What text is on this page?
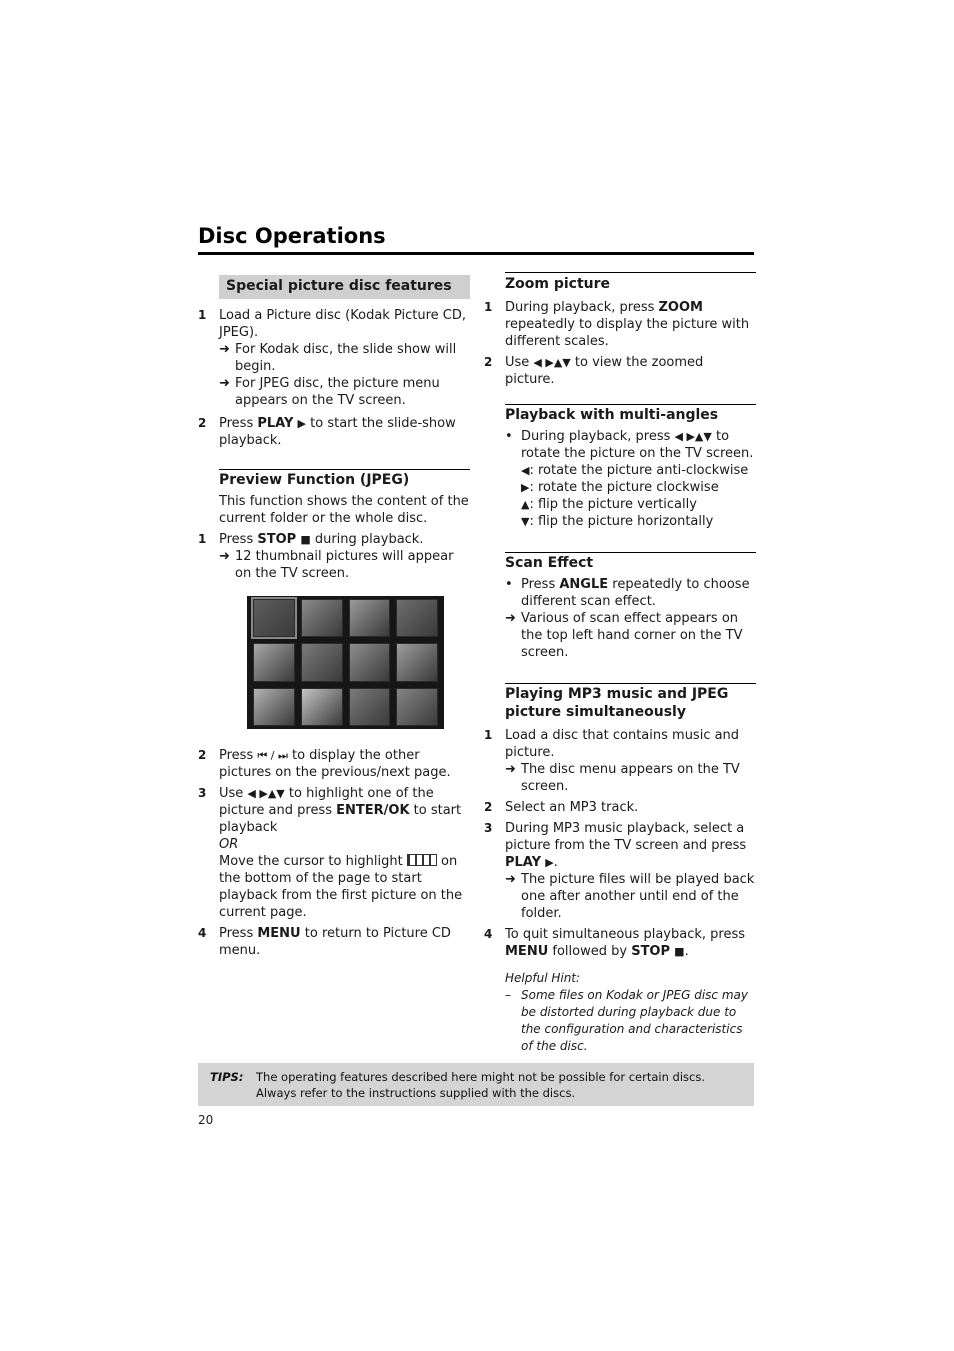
Disc Operations
Special picture disc features
1 Load a Picture disc (Kodak Picture CD, JPEG).
➜ For Kodak disc, the slide show will begin.
➜ For JPEG disc, the picture menu appears on the TV screen.
2 Press PLAY ▶ to start the slide-show playback.
Preview Function (JPEG)
This function shows the content of the current folder or the whole disc.
1 Press STOP ■ during playback.
➜ 12 thumbnail pictures will appear on the TV screen.
2 Press ⏮ / ⏭ to display the other pictures on the previous/next page.
3 Use ◀ ▶▲▼ to highlight one of the picture and press ENTER/OK to start playback
OR
Move the cursor to highlight  on the bottom of the page to start playback from the first picture on the current page.
4 Press MENU to return to Picture CD menu.
Zoom picture
1 During playback, press ZOOM repeatedly to display the picture with different scales.
2 Use ◀ ▶▲▼ to view the zoomed picture.
Playback with multi-angles
• During playback, press ◀ ▶▲▼ to rotate the picture on the TV screen.
◀: rotate the picture anti-clockwise
▶: rotate the picture clockwise
▲: flip the picture vertically
▼: flip the picture horizontally
Scan Effect
• Press ANGLE repeatedly to choose different scan effect.
➜ Various of scan effect appears on the top left hand corner on the TV screen.
Playing MP3 music and JPEG picture simultaneously
1 Load a disc that contains music and picture.
➜ The disc menu appears on the TV screen.
2 Select an MP3 track.
3 During MP3 music playback, select a picture from the TV screen and press PLAY ▶.
➜ The picture files will be played back one after another until end of the folder.
4 To quit simultaneous playback, press MENU followed by STOP ■.
Helpful Hint:
– Some files on Kodak or JPEG disc may be distorted during playback due to the configuration and characteristics of the disc.
TIPS: The operating features described here might not be possible for certain discs. Always refer to the instructions supplied with the discs.
20
